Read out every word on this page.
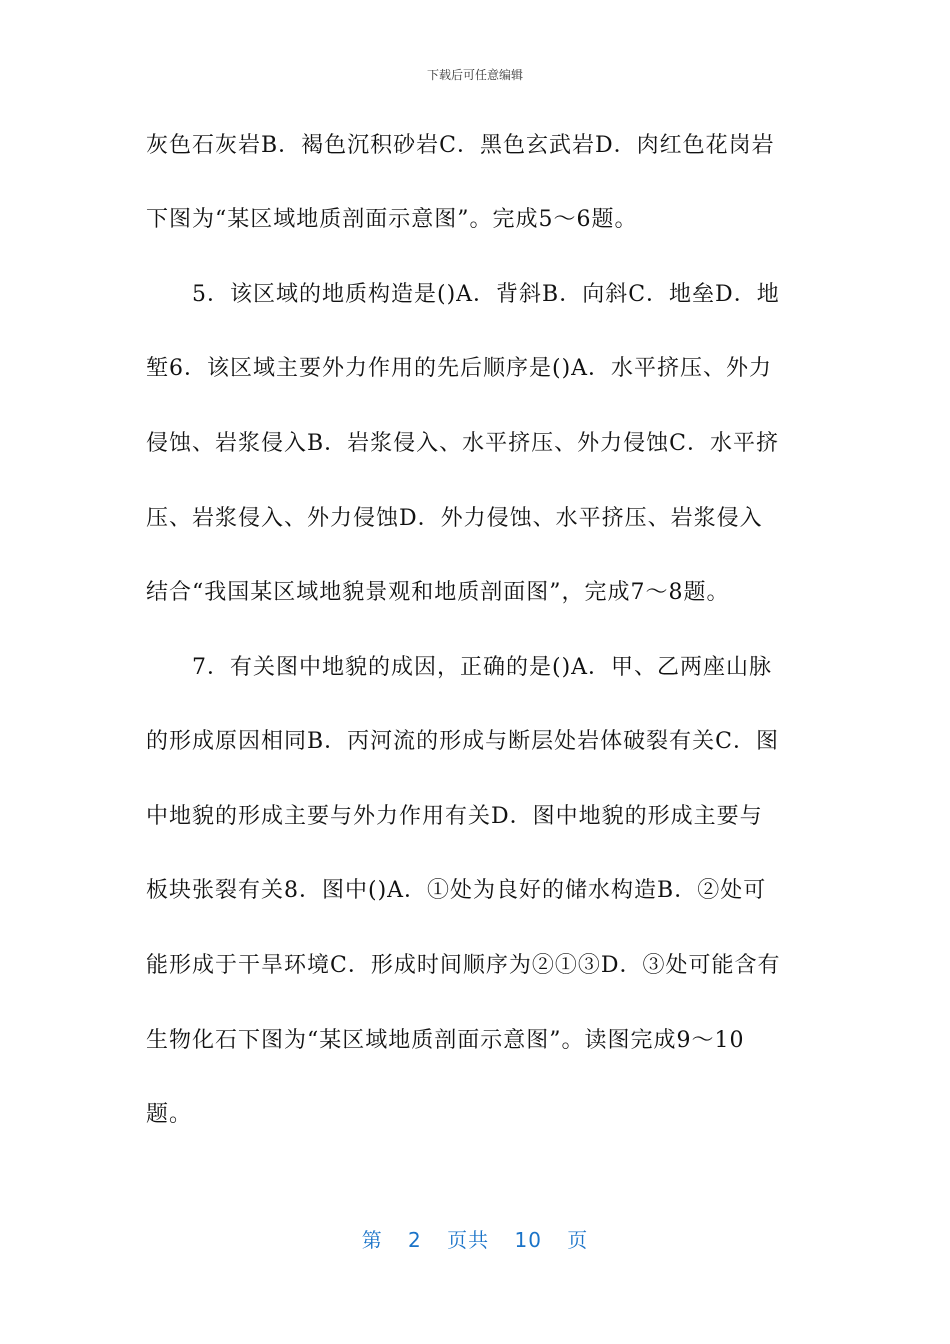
下载后可任意编辑
灰色石灰岩B．褐色沉积砂岩C．黑色玄武岩D．肉红色花岗岩
下图为“某区域地质剖面示意图”。完成5～6题。
5．该区域的地质构造是()A．背斜B．向斜C．地垒D．地
堑6．该区域主要外力作用的先后顺序是()A．水平挤压、外力
侵蚀、岩浆侵入B．岩浆侵入、水平挤压、外力侵蚀C．水平挤
压、岩浆侵入、外力侵蚀D．外力侵蚀、水平挤压、岩浆侵入
结合“我国某区域地貌景观和地质剖面图”，完成7～8题。
7．有关图中地貌的成因，正确的是()A．甲、乙两座山脉
的形成原因相同B．丙河流的形成与断层处岩体破裂有关C．图
中地貌的形成主要与外力作用有关D．图中地貌的形成主要与
板块张裂有关8．图中()A．①处为良好的储水构造B．②处可
能形成于干旱环境C．形成时间顺序为②①③D．③处可能含有
生物化石下图为“某区域地质剖面示意图”。读图完成9～10
题。
第 2 页共 10 页
